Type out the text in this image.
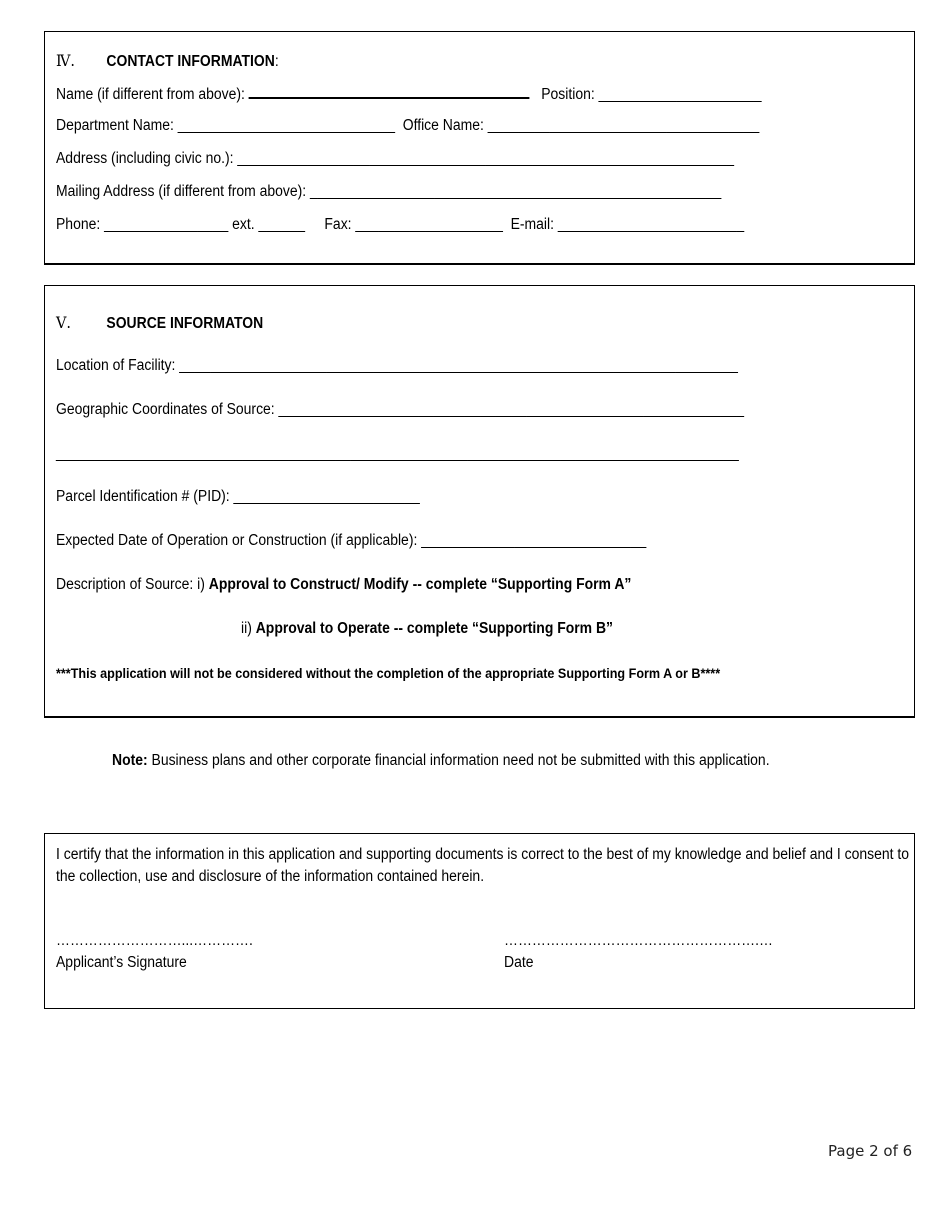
Ⅳ. CONTACT INFORMATION:
Name (if different from above):	Position: _____________________
Department Name: ____________________________ Office Name: ___________________________________
Address (including civic no.): ________________________________________________________________
Mailing Address (if different from above): _____________________________________________________
Phone: ________________ ext. ______ Fax: ___________________ E-mail: ________________________
Ⅴ. SOURCE INFORMATON
Location of Facility: ________________________________________________________________________
Geographic Coordinates of Source: ____________________________________________________________
________________________________________________________________________________________
Parcel Identification # (PID): ________________________
Expected Date of Operation or Construction (if applicable): _____________________________
Description of Source: i) Approval to Construct/ Modify -- complete “Supporting Form A”
ii) Approval to Operate -- complete “Supporting Form B”
***This application will not be considered without the completion of the appropriate Supporting Form A or B****
Note: Business plans and other corporate financial information need not be submitted with this application.
I certify that the information in this application and supporting documents is correct to the best of my knowledge and belief and I consent to the collection, use and disclosure of the information contained herein.
………………………...………….
Applicant’s Signature
……………………………………………….…
Date
Page 2 of 6
